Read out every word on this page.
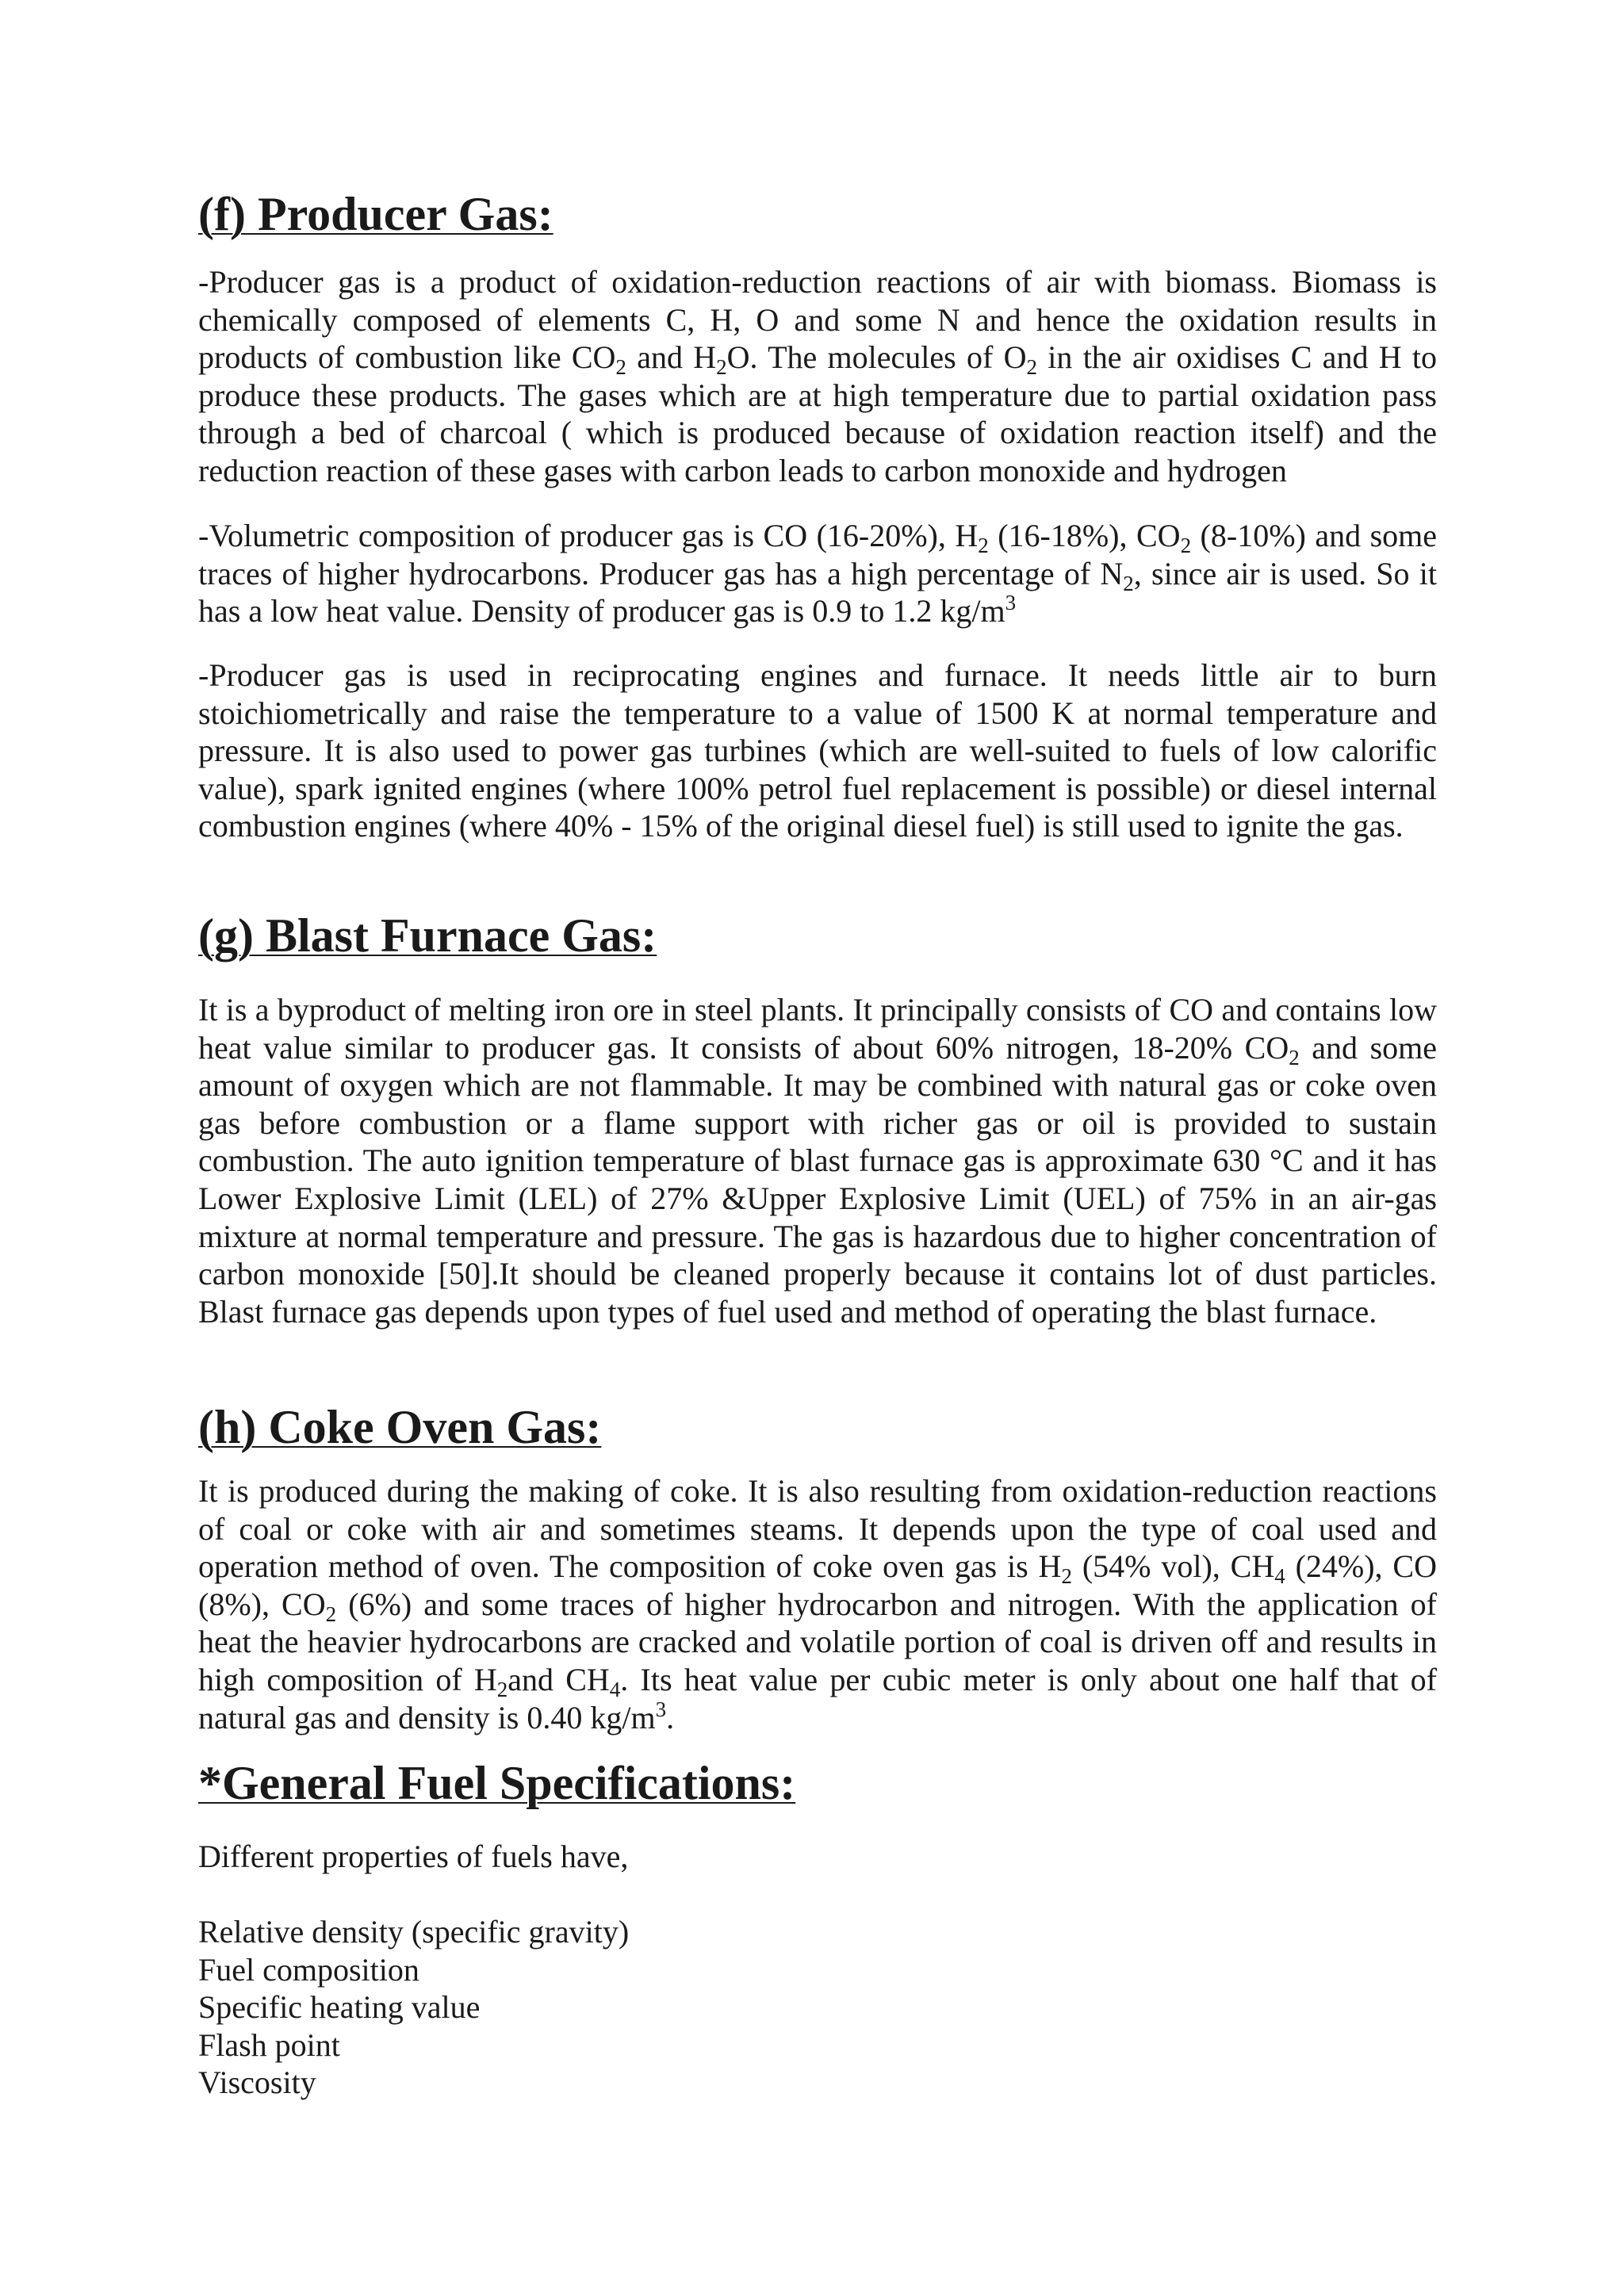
(f) Producer Gas:

-Producer gas is a product of oxidation-reduction reactions of air with biomass. Biomass is chemically composed of elements C, H, O and some N and hence the oxidation results in products of combustion like $CO_2$ and $H_2O$. The molecules of $O_2$ in the air oxidises C and H to produce these products. The gases which are at high temperature due to partial oxidation pass through a bed of charcoal ( which is produced because of oxidation reaction itself) and the reduction reaction of these gases with carbon leads to carbon monoxide and hydrogen

-Volumetric composition of producer gas is CO (16-20%), $H_2$ (16-18%), $CO_2$ (8-10%) and some traces of higher hydrocarbons. Producer gas has a high percentage of $N_2$, since air is used. So it has a low heat value. Density of producer gas is 0.9 to 1.2 $kg/m^3$

-Producer gas is used in reciprocating engines and furnace. It needs little air to burn stoichiometrically and raise the temperature to a value of 1500 K at normal temperature and pressure. It is also used to power gas turbines (which are well-suited to fuels of low calorific value), spark ignited engines (where 100% petrol fuel replacement is possible) or diesel internal combustion engines (where 40% - 15% of the original diesel fuel) is still used to ignite the gas.

(g) Blast Furnace Gas:

It is a byproduct of melting iron ore in steel plants. It principally consists of CO and contains low heat value similar to producer gas. It consists of about 60% nitrogen, 18-20% $CO_2$ and some amount of oxygen which are not flammable. It may be combined with natural gas or coke oven gas before combustion or a flame support with richer gas or oil is provided to sustain combustion. The auto ignition temperature of blast furnace gas is approximate 630 °C and it has Lower Explosive Limit (LEL) of 27% &Upper Explosive Limit (UEL) of 75% in an air-gas mixture at normal temperature and pressure. The gas is hazardous due to higher concentration of carbon monoxide [50].It should be cleaned properly because it contains lot of dust particles. Blast furnace gas depends upon types of fuel used and method of operating the blast furnace.

(h) Coke Oven Gas:

It is produced during the making of coke. It is also resulting from oxidation-reduction reactions of coal or coke with air and sometimes steams. It depends upon the type of coal used and operation method of oven. The composition of coke oven gas is $H_2$ (54% vol), $CH_4$ (24%), CO (8%), $CO_2$ (6%) and some traces of higher hydrocarbon and nitrogen. With the application of heat the heavier hydrocarbons are cracked and volatile portion of coal is driven off and results in high composition of $H_2and$ $CH_4$. Its heat value per cubic meter is only about one half that of natural gas and density is 0.40 $kg/m^3$.

*General Fuel Specifications:

Different properties of fuels have,

Relative density (specific gravity)
Fuel composition
Specific heating value
Flash point
Viscosity
